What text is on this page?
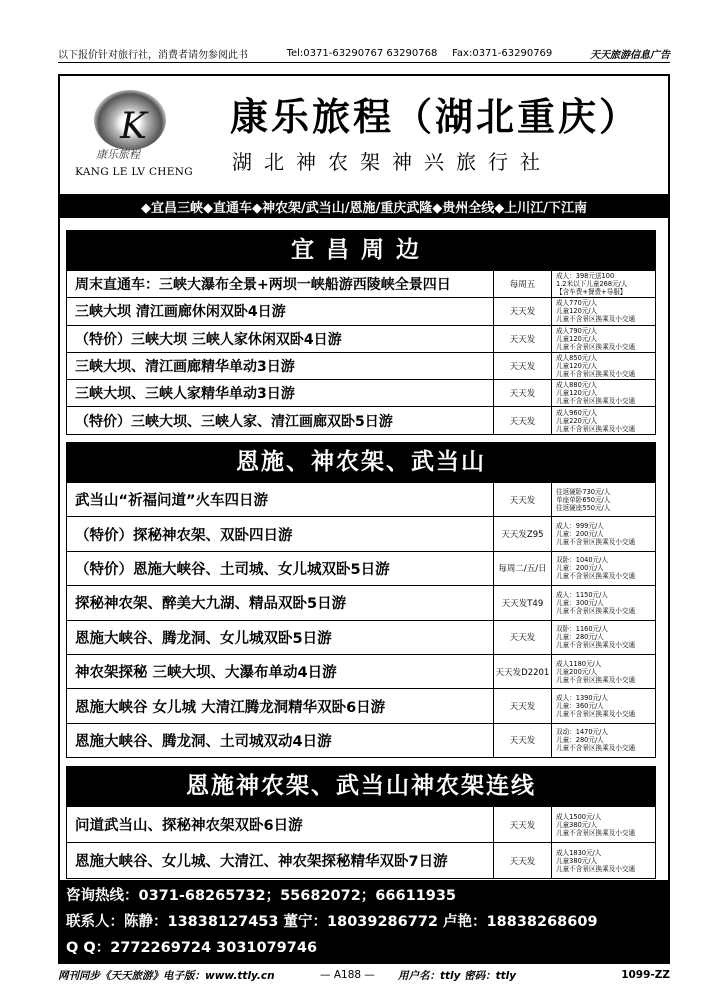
以下报价针对旅行社，消费者请勿参阅此书	Tel:0371-63290767 63290768	Fax:0371-63290769	天天旅游信息广告
K
康乐旅程
KANG LE LV CHENG
康乐旅程（湖北重庆）
湖北神农架神兴旅行社
◆宜昌三峡◆直通车◆神农架/武当山/恩施/重庆武隆◆贵州全线◆上川江/下江南
宜昌周边
周末直通车：三峡大瀑布全景+两坝一峡船游西陵峡全景四日	每周五
成人：398元送100
1.2米以下儿童268元/人
【含车费+餐费+导服】
三峡大坝 清江画廊休闲双卧4日游	天天发
成人770元/人
儿童120元/人
儿童不含景区换乘及小交通
（特价）三峡大坝 三峡人家休闲双卧4日游	天天发
成人790元/人
儿童120元/人
儿童不含景区换乘及小交通
三峡大坝、清江画廊精华单动3日游	天天发
成人850元/人
儿童120元/人
儿童不含景区换乘及小交通
三峡大坝、三峡人家精华单动3日游	天天发
成人880元/人
儿童120元/人
儿童不含景区换乘及小交通
（特价）三峡大坝、三峡人家、清江画廊双卧5日游	天天发
成人960元/人
儿童220元/人
儿童不含景区换乘及小交通
恩施、神农架、武当山
武当山“祈福问道”火车四日游	天天发
往返硬卧730元/人
单座单卧650元/人
往返硬座550元/人
（特价）探秘神农架、双卧四日游	天天发Z95
成人：999元/人
儿童：200元/人
儿童不含景区换乘及小交通
（特价）恩施大峡谷、土司城、女儿城双卧5日游	每周二/五/日
双卧：1040元/人
儿童：200元/人
儿童不含景区换乘及小交通
探秘神农架、醉美大九湖、精品双卧5日游	天天发T49
成人：1150元/人
儿童：300元/人
儿童不含景区换乘及小交通
恩施大峡谷、腾龙洞、女儿城双卧5日游	天天发
双卧：1160元/人
儿童：280元/人
儿童不含景区换乘及小交通
神农架探秘 三峡大坝、大瀑布单动4日游	天天发D2201
成人1180元/人
儿童200元/人
儿童不含景区换乘及小交通
恩施大峡谷 女儿城 大清江腾龙洞精华双卧6日游	天天发
成人：1390元/人
儿童：360元/人
儿童不含景区换乘及小交通
恩施大峡谷、腾龙洞、土司城双动4日游	天天发
双动：1470元/人
儿童：280元/人
儿童不含景区换乘及小交通
恩施神农架、武当山神农架连线
问道武当山、探秘神农架双卧6日游	天天发
成人1500元/人
儿童380元/人
儿童不含景区换乘及小交通
恩施大峡谷、女儿城、大清江、神农架探秘精华双卧7日游	天天发
成人1830元/人
儿童380元/人
儿童不含景区换乘及小交通
咨询热线：0371-68265732；55682072；66611935
联系人：陈静：13838127453 董宁：18039286772 卢艳：18838268609
Q Q：2772269724 3031079746
网刊同步《天天旅游》电子版：www.ttly.cn	— A188 —	用户名：ttly 密码：ttly	1099-ZZ
